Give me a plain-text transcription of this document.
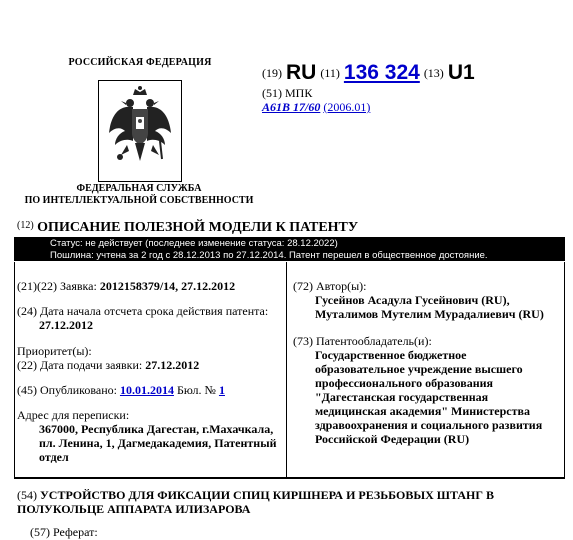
РОССИЙСКАЯ ФЕДЕРАЦИЯ
ФЕДЕРАЛЬНАЯ СЛУЖБА
ПО ИНТЕЛЛЕКТУАЛЬНОЙ СОБСТВЕННОСТИ
$^{(19)}$ RU $^{(11)}$ 136 324 $^{(13)}$ U1
(51) МПК
A61B 17/60 (2006.01)
$^{(12)}$ ОПИСАНИЕ ПОЛЕЗНОЙ МОДЕЛИ К ПАТЕНТУ
Статус: не действует (последнее изменение статуса: 28.12.2022)
Пошлина: учтена за 2 год с 28.12.2013 по 27.12.2014. Патент перешел в общественное достояние.
(21)(22) Заявка: 2012158379/14, 27.12.2012
(24) Дата начала отсчета срока действия патента:
27.12.2012
Приоритет(ы):
(22) Дата подачи заявки: 27.12.2012
(45) Опубликовано: 10.01.2014 Бюл. № 1
Адрес для переписки:
367000, Республика Дагестан, г.Махачкала,
пл. Ленина, 1, Дагмедакадемия, Патентный
отдел
(72) Автор(ы):
Гусейнов Асадула Гусейнович (RU),
Муталимов Мутелим Мурадалиевич (RU)
(73) Патентообладатель(и):
Государственное бюджетное
образовательное учреждение высшего
профессионального образования
"Дагестанская государственная
медицинская академия" Министерства
здравоохранения и социального развития
Российской Федерации (RU)
(54) УСТРОЙСТВО ДЛЯ ФИКСАЦИИ СПИЦ КИРШНЕРА И РЕЗЬБОВЫХ ШТАНГ В
ПОЛУКОЛЬЦЕ АППАРАТА ИЛИЗАРОВА
(57) Реферат:
